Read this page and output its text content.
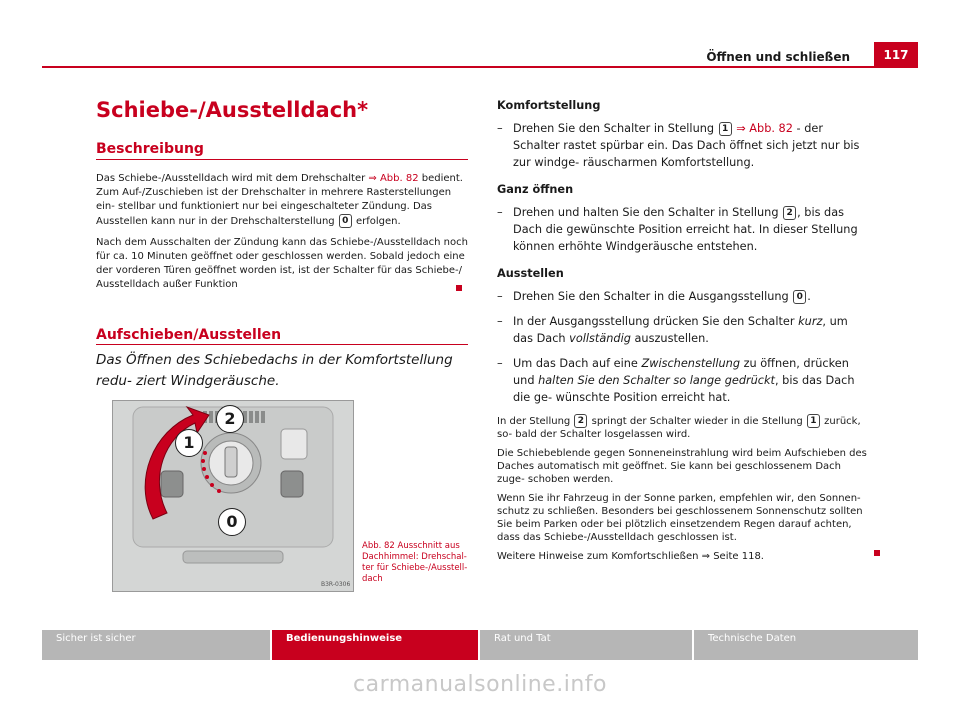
Öffnen und schließen	117
Schiebe-/Ausstelldach*
Beschreibung

Das Schiebe-/Ausstelldach wird mit dem Drehschalter ⇒ Abb. 82 bedient. Zum Auf-/Zuschieben ist der Drehschalter in mehrere Rasterstellungen ein- stellbar und funktioniert nur bei eingeschalteter Zündung. Das Ausstellen kann nur in der Drehschalterstellung 0 erfolgen.

Nach dem Ausschalten der Zündung kann das Schiebe-/Ausstelldach noch für ca. 10 Minuten geöffnet oder geschlossen werden. Sobald jedoch eine der vorderen Türen geöffnet worden ist, ist der Schalter für das Schiebe-/ Ausstelldach außer Funktion

Aufschieben/Ausstellen
Das Öffnen des Schiebedachs in der Komfortstellung redu- ziert Windgeräusche.
2
1
0
B3R-0306
Abb. 82 Ausschnitt aus Dachhimmel: Drehschal- ter für Schiebe-/Ausstell- dach
Komfortstellung
– Drehen Sie den Schalter in Stellung 1 ⇒ Abb. 82 - der Schalter rastet spürbar ein. Das Dach öffnet sich jetzt nur bis zur windge- räuscharmen Komfortstellung.
Ganz öffnen
– Drehen und halten Sie den Schalter in Stellung 2 , bis das Dach die gewünschte Position erreicht hat. In dieser Stellung können erhöhte Windgeräusche entstehen.
Ausstellen
– Drehen Sie den Schalter in die Ausgangsstellung 0 .
– In der Ausgangsstellung drücken Sie den Schalter kurz, um das Dach vollständig auszustellen.
– Um das Dach auf eine Zwischenstellung zu öffnen, drücken und halten Sie den Schalter so lange gedrückt, bis das Dach die ge- wünschte Position erreicht hat.

In der Stellung 2 springt der Schalter wieder in die Stellung 1 zurück, so- bald der Schalter losgelassen wird.

Die Schiebeblende gegen Sonneneinstrahlung wird beim Aufschieben des Daches automatisch mit geöffnet. Sie kann bei geschlossenem Dach zuge- schoben werden.

Wenn Sie ihr Fahrzeug in der Sonne parken, empfehlen wir, den Sonnen- schutz zu schließen. Besonders bei geschlossenem Sonnenschutz sollten Sie beim Parken oder bei plötzlich einsetzendem Regen darauf achten, dass das Schiebe-/Ausstelldach geschlossen ist.

Weitere Hinweise zum Komfortschließen ⇒ Seite 118.

Sicher ist sicher	Bedienungshinweise	Rat und Tat	Technische Daten
carmanualsonline.info
